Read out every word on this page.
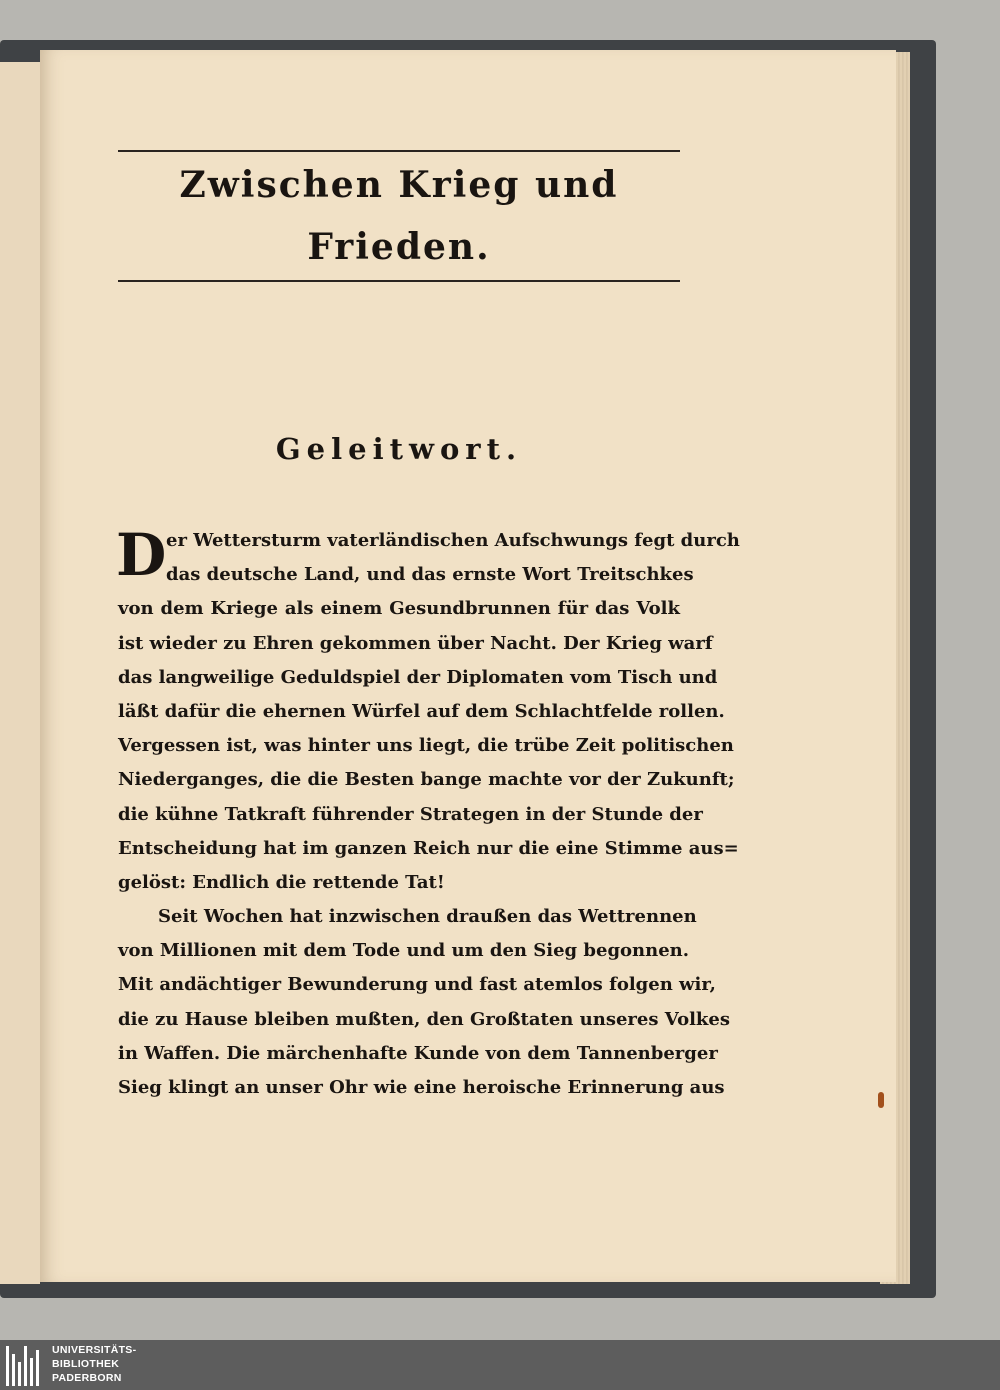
Zwischen Krieg und Frieden.
Geleitwort.
D er Wettersturm vaterländischen Aufschwungs fegt durch
das deutsche Land, und das ernste Wort Treitschkes
von dem Kriege als einem Gesundbrunnen für das Volk
ist wieder zu Ehren gekommen über Nacht. Der Krieg warf
das langweilige Geduldspiel der Diplomaten vom Tisch und
läßt dafür die ehernen Würfel auf dem Schlachtfelde rollen.
Vergessen ist, was hinter uns liegt, die trübe Zeit politischen
Niederganges, die die Besten bange machte vor der Zukunft;
die kühne Tatkraft führender Strategen in der Stunde der
Entscheidung hat im ganzen Reich nur die eine Stimme aus=
gelöst: Endlich die rettende Tat!
Seit Wochen hat inzwischen draußen das Wettrennen
von Millionen mit dem Tode und um den Sieg begonnen.
Mit andächtiger Bewunderung und fast atemlos folgen wir,
die zu Hause bleiben mußten, den Großtaten unseres Volkes
in Waffen. Die märchenhafte Kunde von dem Tannenberger
Sieg klingt an unser Ohr wie eine heroische Erinnerung aus
UNIVERSITÄTS-
BIBLIOTHEK
PADERBORN
